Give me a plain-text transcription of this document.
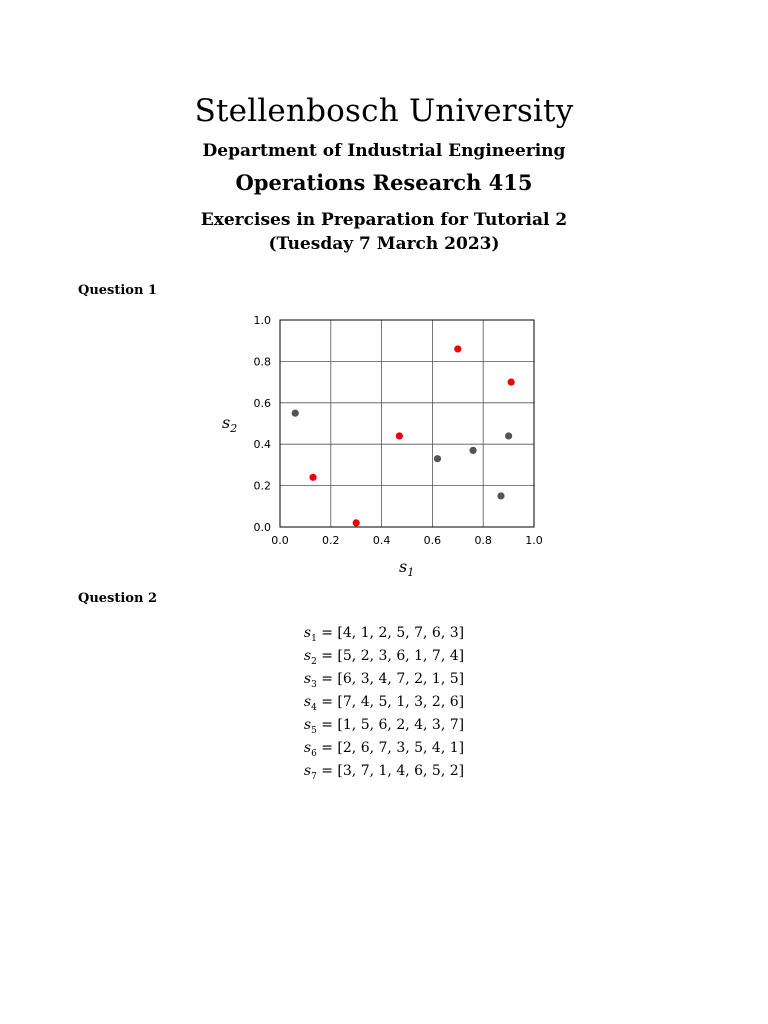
Stellenbosch University
Department of Industrial Engineering
Operations Research 415
Exercises in Preparation for Tutorial 2
(Tuesday 7 March 2023)
Question 1
0.0	0.2	0.4	0.6	0.8	1.0
0.0
0.2
0.4
0.6
0.8
1.0
$s_2$
$s_1$
Question 2
$s_1 = [4$, 1, 2, 5, 7, 6, 3]
$s_2 = [5$, 2, 3, 6, 1, 7, 4]
$s_3 = [6$, 3, 4, 7, 2, 1, 5]
$s_4 = [7$, 4, 5, 1, 3, 2, 6]
$s_5 = [1$, 5, 6, 2, 4, 3, 7]
$s_6 = [2$, 6, 7, 3, 5, 4, 1]
$s_7 = [3$, 7, 1, 4, 6, 5, 2]
